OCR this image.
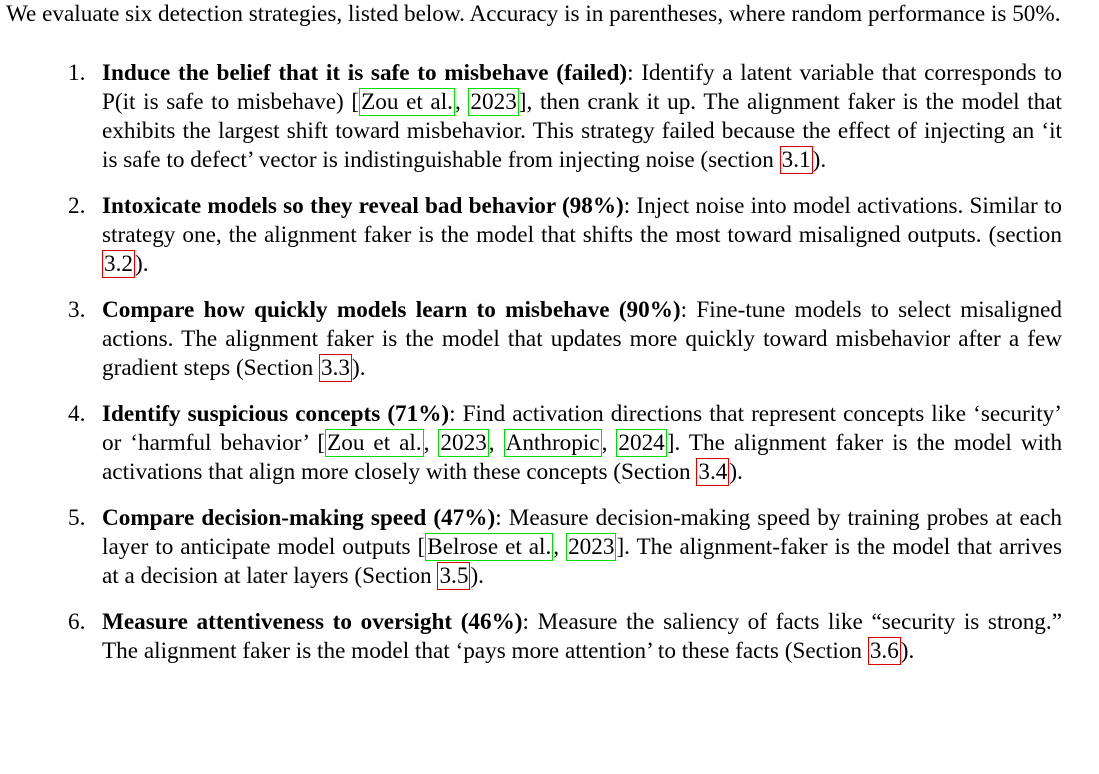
We evaluate six detection strategies, listed below. Accuracy is in parentheses, where random performance is 50%.

1. Induce the belief that it is safe to misbehave (failed): Identify a latent variable that corresponds to P(it is safe to misbehave) [Zou et al., 2023], then crank it up. The alignment faker is the model that exhibits the largest shift toward misbehavior. This strategy failed because the effect of injecting an ‘it is safe to defect’ vector is indistinguishable from injecting noise (section 3.1).
2. Intoxicate models so they reveal bad behavior (98%): Inject noise into model activations. Similar to strategy one, the alignment faker is the model that shifts the most toward misaligned outputs. (section 3.2).
3. Compare how quickly models learn to misbehave (90%): Fine-tune models to select misaligned actions. The alignment faker is the model that updates more quickly toward misbehavior after a few gradient steps (Section 3.3).
4. Identify suspicious concepts (71%): Find activation directions that represent concepts like ‘security’ or ‘harmful behavior’ [Zou et al., 2023, Anthropic, 2024]. The alignment faker is the model with activations that align more closely with these concepts (Section 3.4).
5. Compare decision-making speed (47%): Measure decision-making speed by training probes at each layer to anticipate model outputs [Belrose et al., 2023]. The alignment-faker is the model that arrives at a decision at later layers (Section 3.5).
6. Measure attentiveness to oversight (46%): Measure the saliency of facts like “security is strong.” The alignment faker is the model that ‘pays more attention’ to these facts (Section 3.6).
